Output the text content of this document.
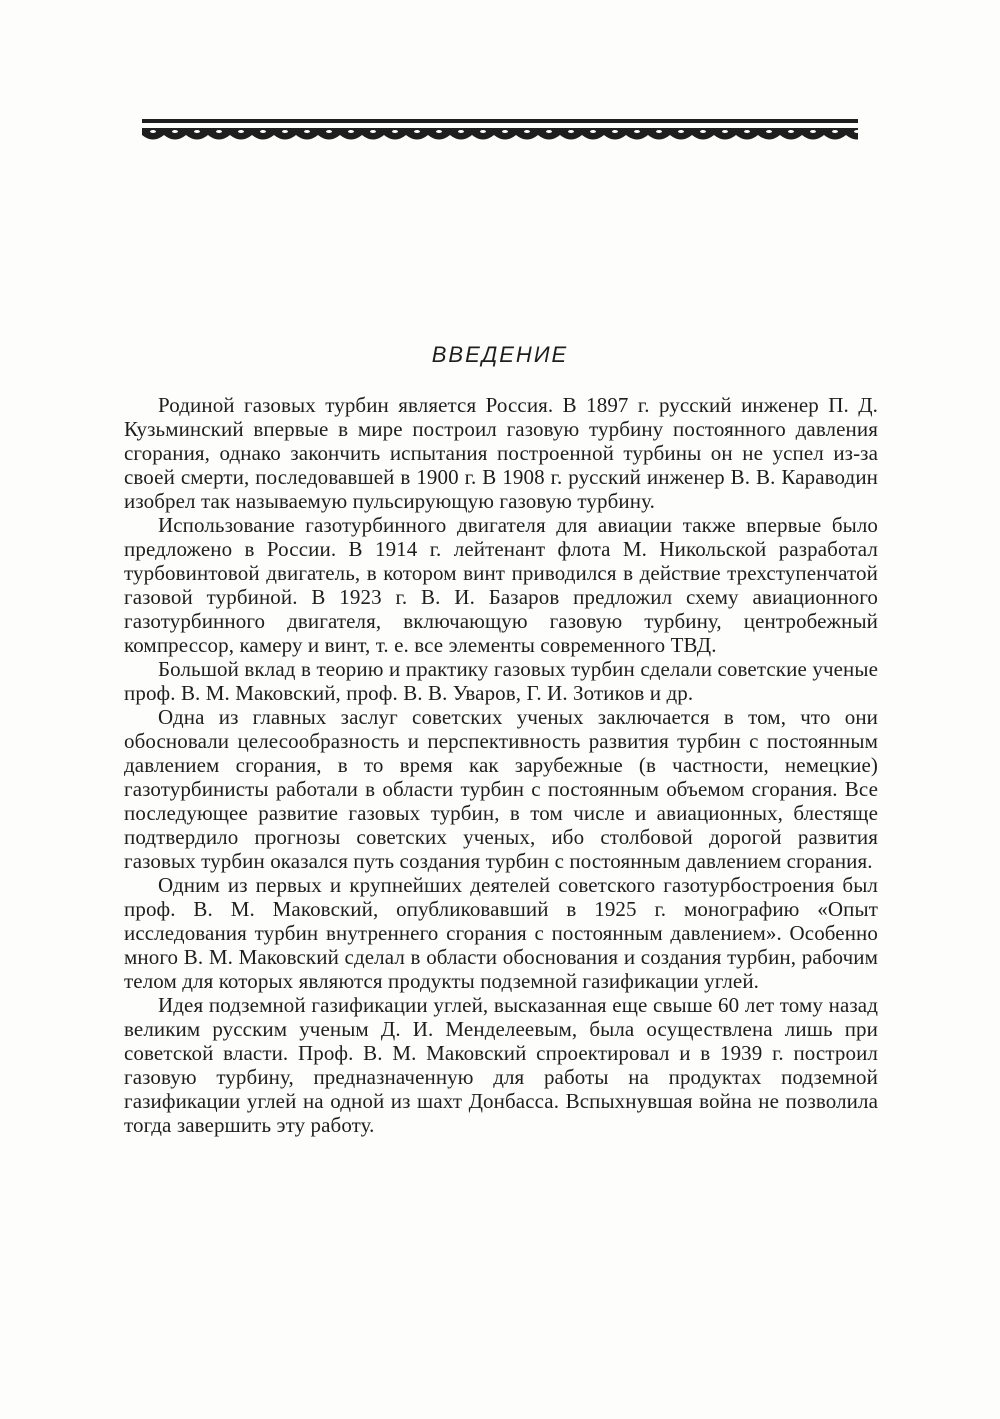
ВВЕДЕНИЕ

Родиной газовых турбин является Россия. В 1897 г. русский инженер П. Д. Кузьминский впервые в мире построил газовую турбину постоянного давления сгорания, однако закончить испытания построенной турбины он не успел из-за своей смерти, последовавшей в 1900 г. В 1908 г. русский инженер В. В. Караводин изобрел так называемую пульсирующую газовую турбину.

Использование газотурбинного двигателя для авиации также впервые было предложено в России. В 1914 г. лейтенант флота М. Никольской разработал турбовинтовой двигатель, в котором винт приводился в действие трехступенчатой газовой турбиной. В 1923 г. В. И. Базаров предложил схему авиационного газотурбинного двигателя, включающую газовую турбину, центробежный компрессор, камеру и винт, т. е. все элементы современного ТВД.

Большой вклад в теорию и практику газовых турбин сделали советские ученые проф. В. М. Маковский, проф. В. В. Уваров, Г. И. Зотиков и др.

Одна из главных заслуг советских ученых заключается в том, что они обосновали целесообразность и перспективность развития турбин с постоянным давлением сгорания, в то время как зарубежные (в частности, немецкие) газотурбинисты работали в области турбин с постоянным объемом сгорания. Все последующее развитие газовых турбин, в том числе и авиационных, блестяще подтвердило прогнозы советских ученых, ибо столбовой дорогой развития газовых турбин оказался путь создания турбин с постоянным давлением сгорания.

Одним из первых и крупнейших деятелей советского газотурбостроения был проф. В. М. Маковский, опубликовавший в 1925 г. монографию «Опыт исследования турбин внутреннего сгорания с постоянным давлением». Особенно много В. М. Маковский сделал в области обоснования и создания турбин, рабочим телом для которых являются продукты подземной газификации углей.

Идея подземной газификации углей, высказанная еще свыше 60 лет тому назад великим русским ученым Д. И. Менделеевым, была осуществлена лишь при советской власти. Проф. В. М. Маковский спроектировал и в 1939 г. построил газовую турбину, предназначенную для работы на продуктах подземной газификации углей на одной из шахт Донбасса. Вспыхнувшая война не позволила тогда завершить эту работу.
